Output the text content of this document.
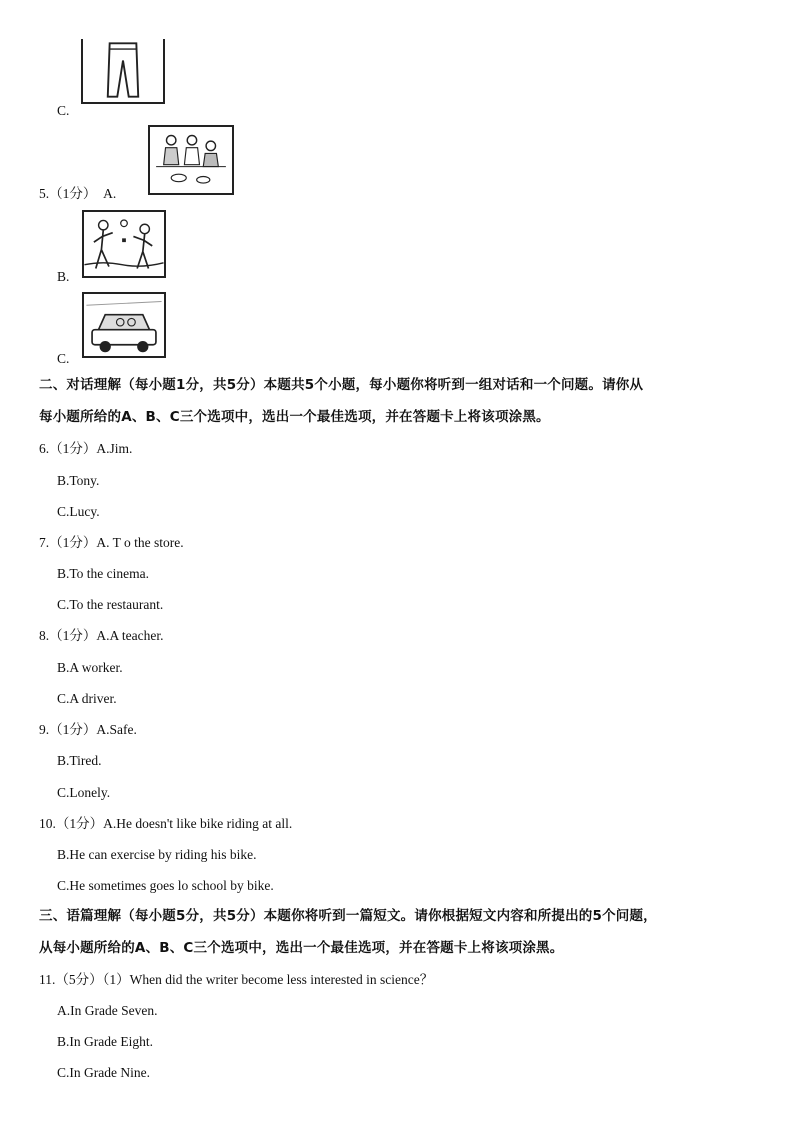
C.
5.（1分） A.
B.
C.
二、对话理解（每小题1分，共5分）本题共5个小题，每小题你将听到一组对话和一个问题。请你从
每小题所给的A、B、C三个选项中，选出一个最佳选项，并在答题卡上将该项涂黑。
6.（1分）A.Jim.
B.Tony.
C.Lucy.
7.（1分）A. T o the store.
B.To the cinema.
C.To the restaurant.
8.（1分）A.A teacher.
B.A worker.
C.A driver.
9.（1分）A.Safe.
B.Tired.
C.Lonely.
10.（1分）A.He doesn't like bike riding at all.
B.He can exercise by riding his bike.
C.He sometimes goes lo school by bike.
三、语篇理解（每小题5分，共5分）本题你将听到一篇短文。请你根据短文内容和所提出的5个问题，
从每小题所给的A、B、C三个选项中，选出一个最佳选项，并在答题卡上将该项涂黑。
11.（5分）（1）When did the writer become less interested in science？
A.In Grade Seven.
B.In Grade Eight.
C.In Grade Nine.
